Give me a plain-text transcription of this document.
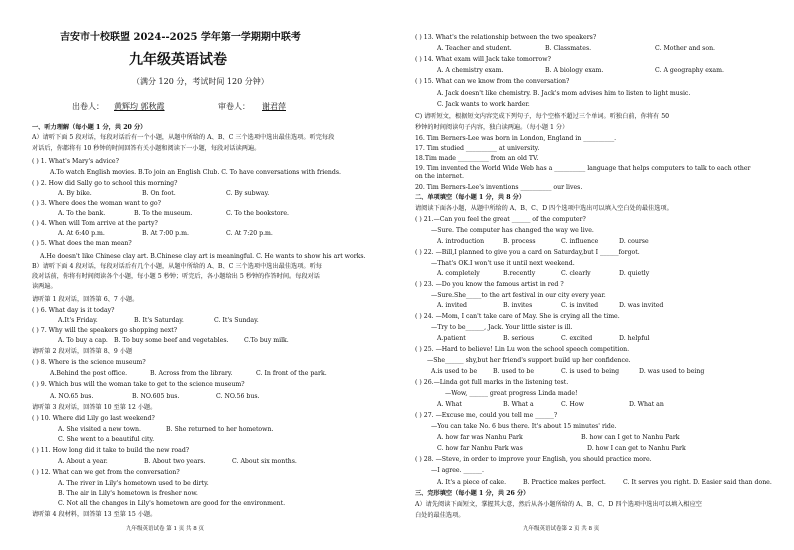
吉安市十校联盟 2024--2025 学年第一学期期中联考
九年级英语试卷
（满分 120 分，考试时间 120 分钟）
出卷人： 黄辉均 郭秋霞	审卷人： 谢君萍
一、听力理解（每小题 1 分，共 20 分）
A）请听下面 5 段对话，每段对话后有一个小题，从题中所给的 A、B、C 三个选项中选出最佳选项。听完每段
对话后，你都将有 10 秒钟的时间回答有关小题和阅读下一小题，每段对话读两遍。
( ) 1. What's Mary's advice?
A.To watch English movies. B.To join an English Club. C. To have conversations with friends.
( ) 2. How did Sally go to school this morning?
A. By bike.	B. On foot.	C. By subway.
( ) 3. Where does the woman want to go?
A. To the bank.	B. To the museum.	C. To the bookstore.
( ) 4. When will Tom arrive at the party?
A. At 6:40 p.m.	B. At 7:00 p.m.	C. At 7:20 p.m.
( ) 5. What does the man mean?
A.He doesn't like Chinese clay art. B.Chinese clay art is meaningful. C. He wants to show his art works.
B）请听下面 4 段对话，每段对话后有几个小题，从题中所给的 A、B、C 三个选项中选出最佳选项。听每
段对话前，你将有时间阅读各个小题，每小题 5 秒钟；听完后，各小题给出 5 秒钟的作答时间。每段对话
读两遍。
请听第 1 段对话，回答第 6、7 小题。
( ) 6. What day is it today?
A.It's Friday.	B. It's Saturday.	C. It's Sunday.
( ) 7. Why will the speakers go shopping next?
A. To buy a cap. B. To buy some beef and vegetables.	C.To buy milk.
请听第 2 段对话，回答第 8、9 小题
( ) 8. Where is the science museum?
A.Behind the post office.	B. Across from the library.	C. In front of the park.
( ) 9. Which bus will the woman take to get to the science museum?
A. NO.65 bus.	B. NO.605 bus.	C. NO.56 bus.
请听第 3 段对话，回答第 10 至第 12 小题。
( ) 10. Where did Lily go last weekend?
A. She visited a new town.	B. She returned to her hometown.
C. She went to a beautiful city.
( ) 11. How long did it take to build the new road?
A. About a year.	B. About two years.	C. About six months.
( ) 12. What can we get from the conversation?
A. The river in Lily's hometown used to be dirty.
B. The air in Lily's hometown is fresher now.
C. Not all the changes in Lily's hometown are good for the environment.
请听第 4 段材料，回答第 13 至第 15 小题。
九年级英语试卷 第 1 页 共 8 页
( ) 13. What's the relationship between the two speakers?
A. Teacher and student.	B. Classmates.	C. Mother and son.
( ) 14. What exam will Jack take tomorrow?
A. A chemistry exam.	B. A biology exam.	C. A geography exam.
( ) 15. What can we know from the conversation?
A. Jack doesn't like chemistry. B. Jack's mom advises him to listen to light music.
C. Jack wants to work harder.
C) 请听短文，根据短文内容完成下列句子，每个空格不超过三个单词。听独白前，你将有 50
秒钟的时间阅读句子内容，独白读两遍。（每小题 1 分）
16. Tim Berners-Lee was born in London, England in __________.
17. Tim studied __________ at university.
18.Tim made __________ from an old TV.
19. Tim invented the World Wide Web has a __________ language that helps computers to talk to each other
on the internet.
20. Tim Berners-Lee's inventions __________ our lives.
二、单项填空（每小题 1 分，共 8 分）
请阅读下面各小题，从题中所给的 A、B、C、D 四个选项中选出可以填入空白处的最佳选项。
( ) 21.—Can you feel the great ______ of the computer?
—Sure. The computer has changed the way we live.
A. introduction	B. process	C. influence	D. course
( ) 22. —Bill,I planned to give you a card on Saturday,but I ______forgot.
—That's OK.I won't use it until next weekend.
A. completely	B.recently	C. clearly	D. quietly
( ) 23. —Do you know the famous artist in red ?
—Sure.She_____to the art festival in our city every year.
A. invited	B. invites	C. is invited	D. was invited
( ) 24. —Mom, I can't take care of May. She is crying all the time.
—Try to be______, Jack. Your little sister is ill.
A.patient	B. serious	C. excited	D. helpful
( ) 25. —Hard to believe! Lin Lu won the school speech competition.
—She______ shy,but her friend's support build up her confidence.
A.is used to be	B. used to be	C. is used to being	D. was used to being
( ) 26.—Linda got full marks in the listening test.
—Wow, ______ great progress Linda made!
A. What	B. What a	C. How	D. What an
( ) 27. —Excuse me, could you tell me ______?
—You can take No. 6 bus there. It's about 15 minutes' ride.
A. how far was Nanhu Park	B. how can I get to Nanhu Park
C. how far Nanhu Park was	D. how I can get to Nanhu Park
( ) 28. —Steve, in order to improve your English, you should practice more.
—I agree. ______.
A. It's a piece of cake.	B. Practice makes perfect.	C. It serves you right. D. Easier said than done.
三、完形填空（每小题 1 分，共 26 分）
A）请先阅读下面短文，掌握其大意，然后从各小题所给的 A、B、C、D 四个选项中选出可以填入相应空
白处的最佳选项。
九年级英语试卷第 2 页 共 8 页
